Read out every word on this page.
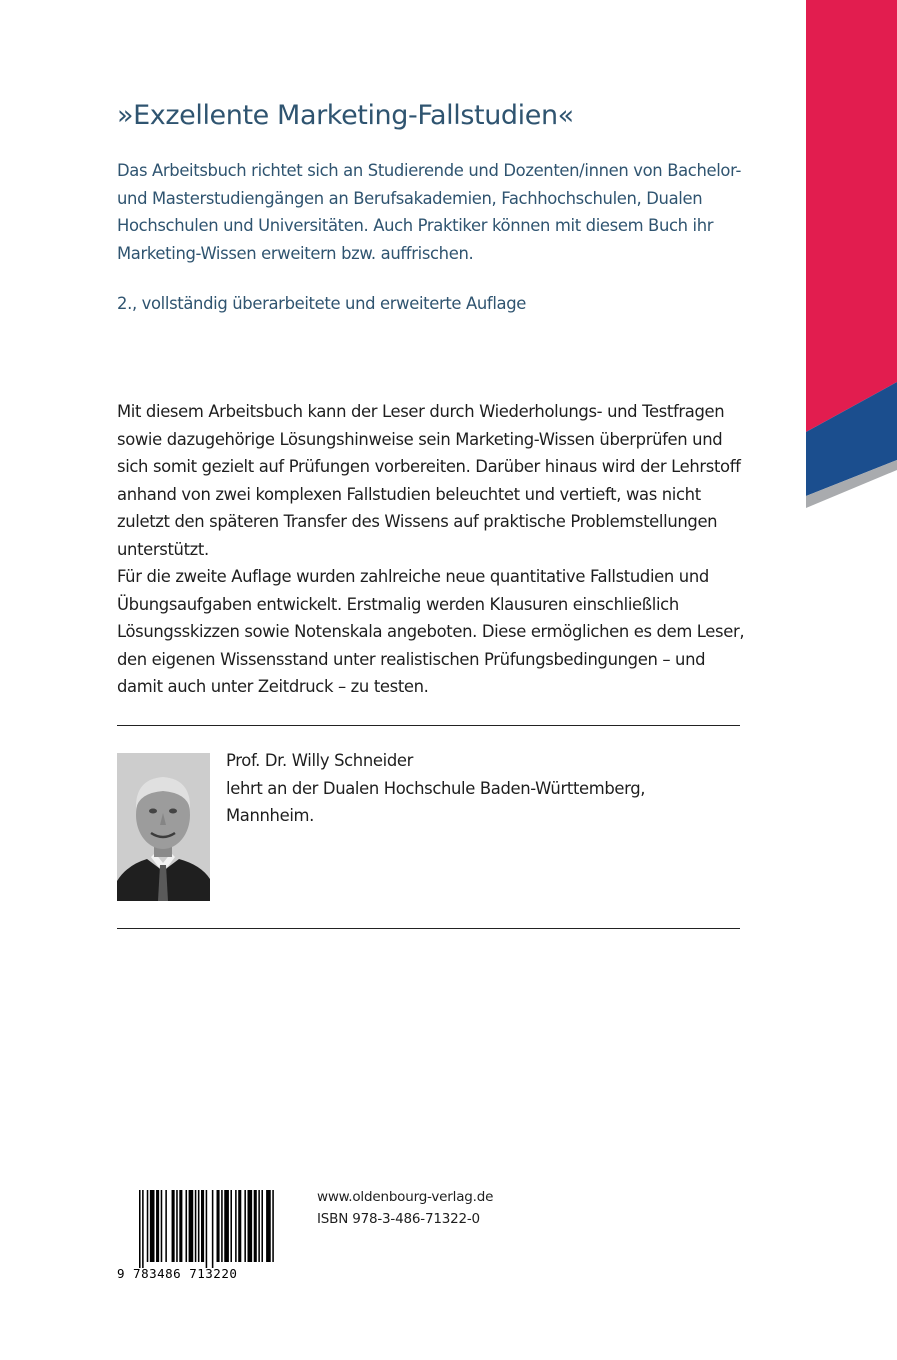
»Exzellente Marketing-Fallstudien«
Das Arbeitsbuch richtet sich an Studierende und Dozenten/innen von Bachelor-
und Masterstudiengängen an Berufsakademien, Fachhochschulen, Dualen
Hochschulen und Universitäten. Auch Praktiker können mit diesem Buch ihr
Marketing-Wissen erweitern bzw. auffrischen.
2., vollständig überarbeitete und erweiterte Auflage
Mit diesem Arbeitsbuch kann der Leser durch Wiederholungs- und Testfragen
sowie dazugehörige Lösungshinweise sein Marketing-Wissen überprüfen und
sich somit gezielt auf Prüfungen vorbereiten. Darüber hinaus wird der Lehrstoff
anhand von zwei komplexen Fallstudien beleuchtet und vertieft, was nicht
zuletzt den späteren Transfer des Wissens auf praktische Problemstellungen
unterstützt.
Für die zweite Auflage wurden zahlreiche neue quantitative Fallstudien und
Übungsaufgaben entwickelt. Erstmalig werden Klausuren einschließlich
Lösungsskizzen sowie Notenskala angeboten. Diese ermöglichen es dem Leser,
den eigenen Wissensstand unter realistischen Prüfungsbedingungen – und
damit auch unter Zeitdruck – zu testen.
Prof. Dr. Willy Schneider
lehrt an der Dualen Hochschule Baden-Württemberg,
Mannheim.
9 783486 713220
www.oldenbourg-verlag.de
ISBN 978-3-486-71322-0
